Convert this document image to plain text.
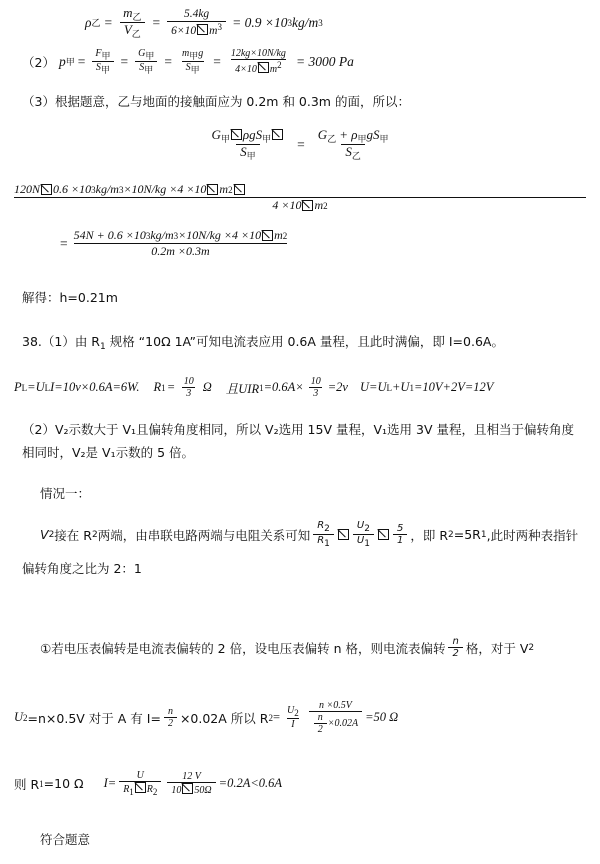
ρ 乙 = $\frac{m_乙}{V_乙} = \frac{5.4kg}{6\times 10 m^3} = 0.9 \times 10$ 3 kg/m 3
（2） p 甲 = $\frac{\text{F甲}}{\text{S甲}} = \frac{\text{G甲}}{\text{S甲}} = \frac{\text{m甲g}}{\text{S甲}} = \frac{12kg\times 10N/kg}{4\times 10 m2} = 3000$ Pa
（3）根据题意，乙与地面的接触面应为 0.2m 和 0.3m 的面，所以：
$\frac{G_甲 \rho gS_甲}{S_甲} = \frac{G_乙 + \rho_甲gS_甲}{S_乙}$
120N 0.6 ×10 3 kg/m 3 ×10N/kg ×4 ×10 m 2
4 ×10 m 2
=
54N + 0.6 ×10 3 kg/m 3 ×10N/kg ×4 ×10 m 2
0.2m ×0.3m
解得：h=0.21m
38.（1）由 $R_1$ 规格 “10Ω 1A”可知电流表应用 0.6A 量程，且此时满偏，即 I=0.6A。
P L =U L I=10v×0.6A=6W. R $1 = \frac{10}{3}$ Ω 且UIR $1 =0.6A\times \frac{10}{3} =2v$ U=U L +U 1 =10V+2V=12V
（2）V₂示数大于 V₁且偏转角度相同，所以 V₂选用 15V 量程，V₁选用 3V 量程，且相当于偏转角度相同时，V₂是 V₁示数的 5 倍。
情况一：
V 2 接在 R 2 两端，由串联电路两端与电阻关系可知 $\frac{R2}{R1} \frac{U2}{U1} \frac{5}{1}$ ，即 R 2 =5R 1 ,此时两种表指针
偏转角度之比为 2：1
①若电压表偏转是电流表偏转的 2 倍，设电压表偏转 n 格，则电流表偏转 $\frac{n}{2}$ 格，对于 V 2
U 2 =n×0.5V 对于 A 有 $I= \frac{n}{2} \times 0.02A$ 所以 R $2 = \frac{U2}{I} \frac{n \times 0.5V}{\frac{n}{2} \times 0.02A} =50$ Ω
则 R 1 =10 Ω $I= \frac{U}{R1 R2} \frac{12 V}{10 50\Omega} =0.2A<0.6A$
符合题意
